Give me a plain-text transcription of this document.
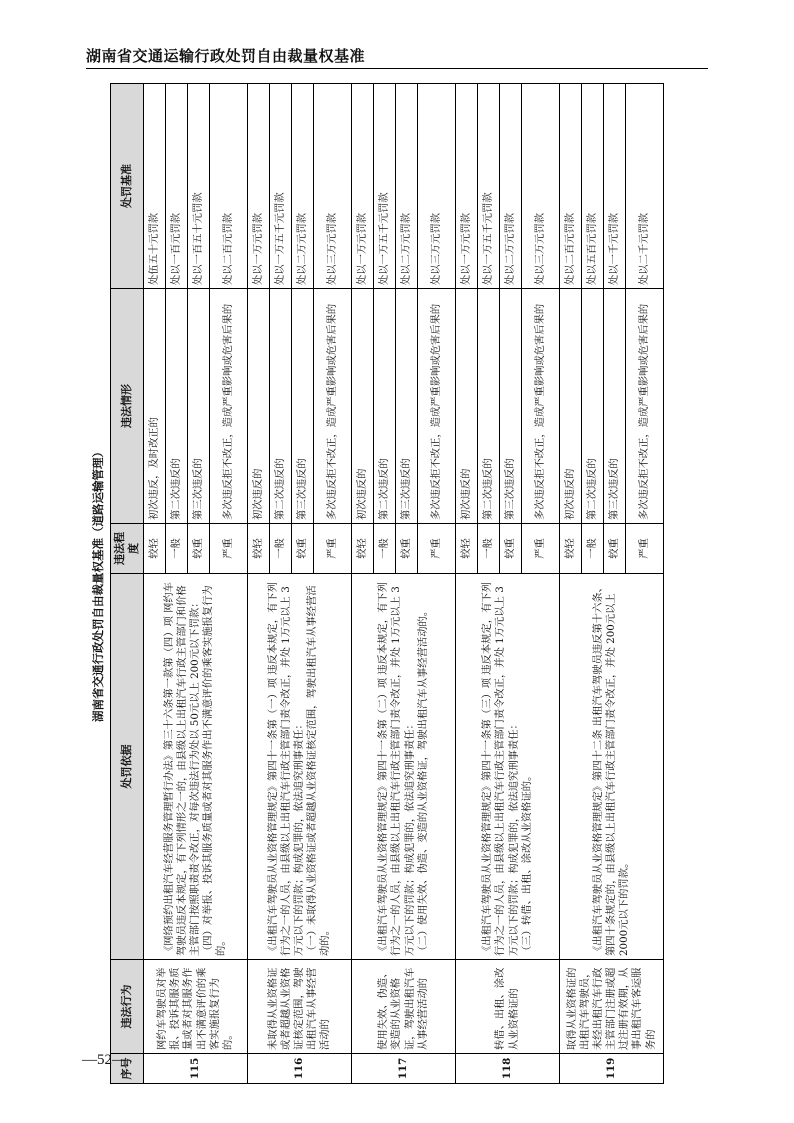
湖南省交通运输行政处罚自由裁量权基准
湖南省交通行政处罚自由裁量权基准（道路运输管理）
序号	违法行为	处罚依据	违法程度	违法情形	处罚基准
115	网约车驾驶员对举报、投诉其服务质量或者对其服务作出不满意评价的乘客实施报复行为的。	《网络预约出租汽车经营服务管理暂行办法》第三十六条第一款第（四）项 网约车驾驶员违反本规定，有下列情形之一的，由县级以上出租汽车行政主管部门和价格主管部门按照职责责令改正，对每次违法行为处以 50元以上 200元以下罚款： （四）对举报、投诉其服务质量或者对其服务作出不满意评价的乘客实施报复行为的。	较轻	初次违反，及时改正的	处伍五十元罚款
			一般	第二次违反的	处以一百元罚款
			较重	第三次违反的	处以一百五十元罚款
			严重	多次违反拒不改正，造成严重影响或危害后果的	处以二百元罚款
116	未取得从业资格证或者超越从业资格证核定范围，驾驶出租汽车从事经营活动的	《出租汽车驾驶员从业资格管理规定》第四十一条第（一）项 违反本规定，有下列行为之一的人员，由县级以上出租汽车行政主管部门责令改正，并处 1万元以上 3万元以下的罚款；构成犯罪的，依法追究刑事责任： （一）未取得从业资格证或者超越从业资格证核定范围，驾驶出租汽车从事经营活动的。	较轻	初次违反的	处以一万元罚款
			一般	第二次违反的	处以一万五千元罚款
			较重	第三次违反的	处以二万元罚款
			严重	多次违反拒不改正，造成严重影响或危害后果的	处以三万元罚款
117	使用失效、伪造、变造的从业资格证，驾驶出租汽车从事经营活动的	《出租汽车驾驶员从业资格管理规定》第四十一条第（二）项 违反本规定，有下列行为之一的人员，由县级以上出租汽车行政主管部门责令改正，并处 1万元以上 3万元以下的罚款；构成犯罪的，依法追究刑事责任： （二）使用失效、伪造、变造的从业资格证，驾驶出租汽车从事经营活动的。	较轻	初次违反的	处以一万元罚款
			一般	第二次违反的	处以一万五千元罚款
			较重	第三次违反的	处以二万元罚款
			严重	多次违反拒不改正，造成严重影响或危害后果的	处以三万元罚款
118	转借、出租、涂改从业资格证的	《出租汽车驾驶员从业资格管理规定》第四十一条第（三）项 违反本规定，有下列行为之一的人员，由县级以上出租汽车行政主管部门责令改正，并处 1万元以上 3万元以下的罚款；构成犯罪的，依法追究刑事责任： （三）转借、出租、涂改从业资格证的。	较轻	初次违反的	处以一万元罚款
			一般	第二次违反的	处以一万五千元罚款
			较重	第三次违反的	处以二万元罚款
			严重	多次违反拒不改正，造成严重影响或危害后果的	处以三万元罚款
119	取得从业资格证的出租汽车驾驶员，未经出租汽车行政主管部门注册或超过注册有效期，从事出租汽车客运服务的	《出租汽车驾驶员从业资格管理规定》第四十二条 出租汽车驾驶员违反第十六条、第四十条规定的，由县级以上出租汽车行政主管部门责令改正，并处 200元以上 2000元以下的罚款。	较轻	初次违反的	处以二百元罚款
			一般	第二次违反的	处以五百元罚款
			较重	第三次违反的	处以一千元罚款
			严重	多次违反拒不改正，造成严重影响或危害后果的	处以二千元罚款
—52—
